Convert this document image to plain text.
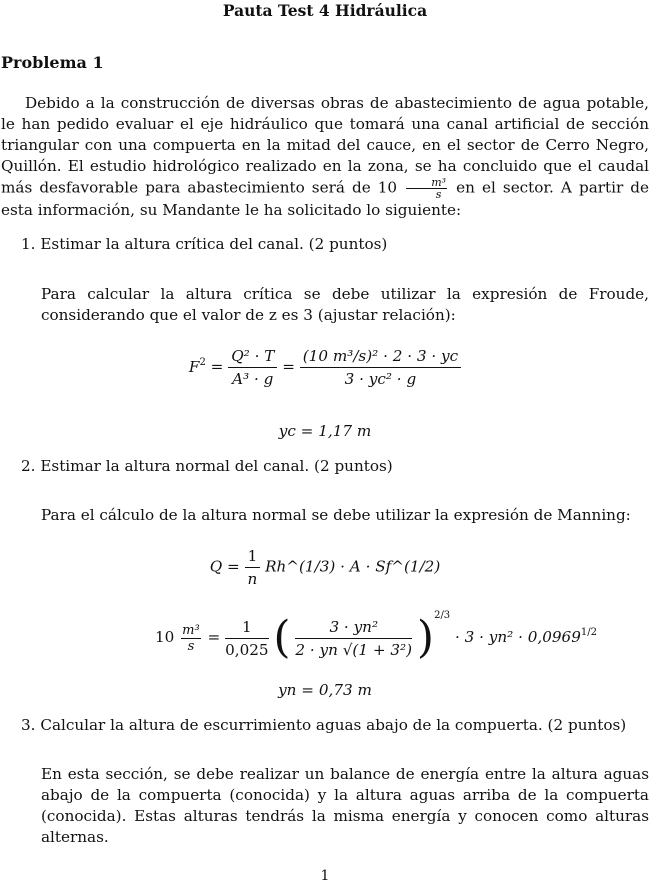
Pauta Test 4 Hidráulica
Problema 1
Debido a la construcción de diversas obras de abastecimiento de agua potable, le han pedido evaluar el eje hidráulico que tomará una canal artificial de sección triangular con una compuerta en la mitad del cauce, en el sector de Cerro Negro, Quillón. El estudio hidrológico realizado en la zona, se ha concluido que el caudal más desfavorable para abastecimiento será de $10 \frac{\text{m³}}{s}$ en el sector. A partir de esta información, su Mandante le ha solicitado lo siguiente:
1. Estimar la altura crítica del canal. (2 puntos)
Para calcular la altura crítica se debe utilizar la expresión de Froude, considerando que el valor de z es 3 (ajustar relación):
$F^2 = \frac{\text{Q² · T}}{\text{A³ · g}} = \frac{\text{(10 m³/s)² · 2 · 3 · yc}}{\text{3 · yc² · g}}$
yc = 1,17 m
2. Estimar la altura normal del canal. (2 puntos)
Para el cálculo de la altura normal se debe utilizar la expresión de Manning:
$Q = \frac{1}{n}$ Rh^(1/3) · A · Sf^(1/2)
$10 \frac{\text{m³}}{s} = \frac{1}{0,025}$ ( $\frac{\text{3 · yn²}}{\text{2 · yn √(1 + 3²)}} )^{2/3} \cdot 3 \cdot yn^2 \cdot 0,0969^{1/2}$
yn = 0,73 m
3. Calcular la altura de escurrimiento aguas abajo de la compuerta. (2 puntos)
En esta sección, se debe realizar un balance de energía entre la altura aguas abajo de la compuerta (conocida) y la altura aguas arriba de la compuerta (conocida). Estas alturas tendrás la misma energía y conocen como alturas alternas.
1
